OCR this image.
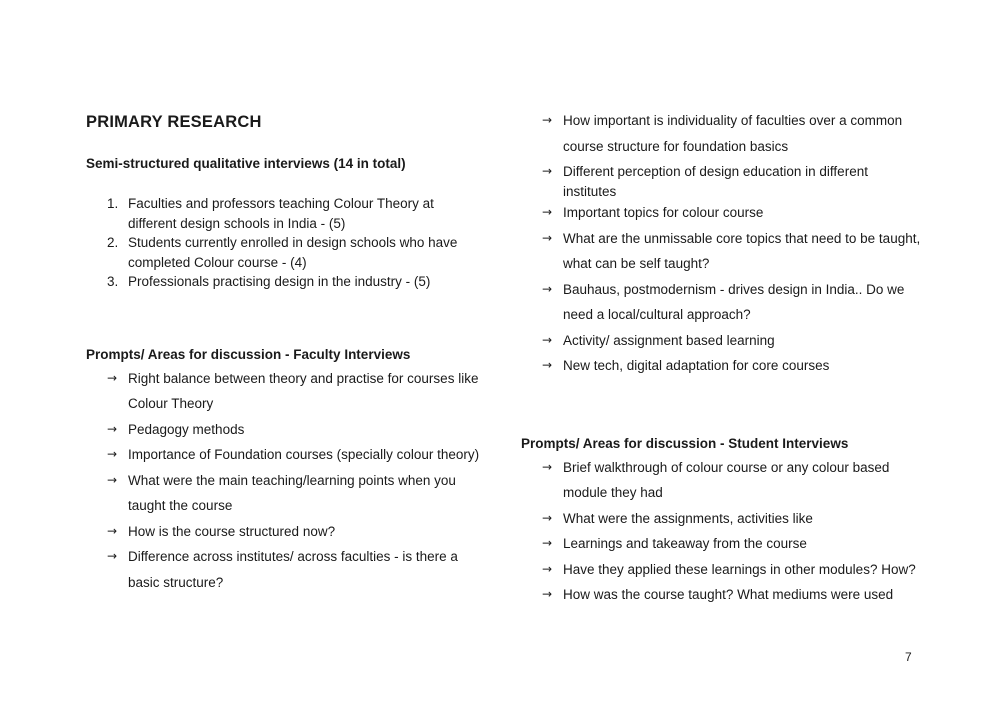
PRIMARY RESEARCH

Semi-structured qualitative interviews (14 in total)

1. Faculties and professors teaching Colour Theory at different design schools in India - (5)
2. Students currently enrolled in design schools who have completed Colour course - (4)
3. Professionals practising design in the industry - (5)

Prompts/ Areas for discussion - Faculty Interviews

→ Right balance between theory and practise for courses like Colour Theory
→ Pedagogy methods
→ Importance of Foundation courses (specially colour theory)
→ What were the main teaching/learning points when you taught the course
→ How is the course structured now?
→ Difference across institutes/ across faculties - is there a basic structure?
→ How important is individuality of faculties over a common course structure for foundation basics
→ Different perception of design education in different institutes
→ Important topics for colour course
→ What are the unmissable core topics that need to be taught, what can be self taught?
→ Bauhaus, postmodernism - drives design in India.. Do we need a local/cultural approach?
→ Activity/ assignment based learning
→ New tech, digital adaptation for core courses

Prompts/ Areas for discussion - Student Interviews

→ Brief walkthrough of colour course or any colour based module they had
→ What were the assignments, activities like
→ Learnings and takeaway from the course
→ Have they applied these learnings in other modules? How?
→ How was the course taught? What mediums were used
7
